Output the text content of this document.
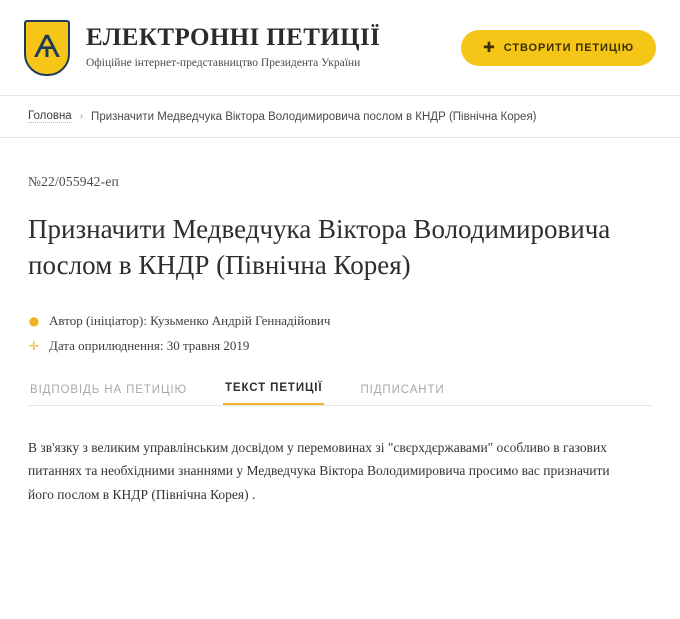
Ѧ ЕЛЕКТРОННІ ПЕТИЦІЇ
Офіційне інтернет-представництво Президента України
✚ СТВОРИТИ ПЕТИЦІЮ
Головна › Призначити Медведчука Віктора Володимировича послом в КНДР (Північна Корея)
№22/055942-еп
Призначити Медведчука Віктора Володимировича послом в КНДР (Північна Корея)
● Автор (ініціатор): Кузьменко Андрій Геннадійович
✛ Дата оприлюднення: 30 травня 2019
ВІДПОВІДЬ НА ПЕТИЦІЮ	ТЕКСТ ПЕТИЦІЇ	ПІДПИСАНТИ
В зв'язку з великим управлінським досвідом у перемовинах зі "свєрхдєржавами" особливо в газових питаннях та необхідними знаннями у Медведчука Віктора Володимировича просимо вас призначити його послом в КНДР (Північна Корея) .
